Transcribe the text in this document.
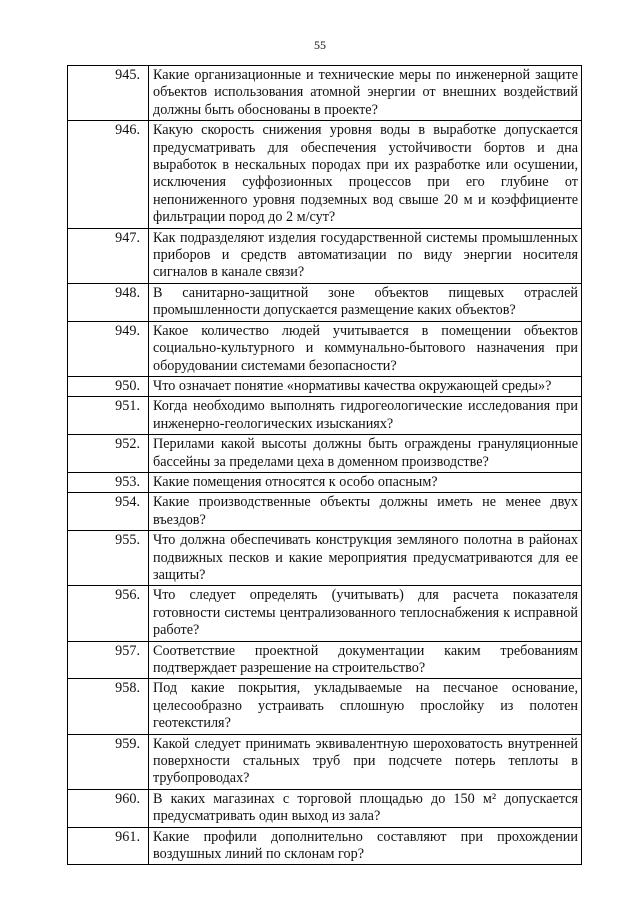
55
945.	Какие организационные и технические меры по инженерной защите объектов использования атомной энергии от внешних воздействий должны быть обоснованы в проекте?
946.	Какую скорость снижения уровня воды в выработке допускается предусматривать для обеспечения устойчивости бортов и дна выработок в нескальных породах при их разработке или осушении, исключения суффозионных процессов при его глубине от непониженного уровня подземных вод свыше 20 м и коэффициенте фильтрации пород до 2 м/сут?
947.	Как подразделяют изделия государственной системы промышленных приборов и средств автоматизации по виду энергии носителя сигналов в канале связи?
948.	В санитарно-защитной зоне объектов пищевых отраслей промышленности допускается размещение каких объектов?
949.	Какое количество людей учитывается в помещении объектов социально-культурного и коммунально-бытового назначения при оборудовании системами безопасности?
950.	Что означает понятие «нормативы качества окружающей среды»?
951.	Когда необходимо выполнять гидрогеологические исследования при инженерно-геологических изысканиях?
952.	Перилами какой высоты должны быть ограждены грануляционные бассейны за пределами цеха в доменном производстве?
953.	Какие помещения относятся к особо опасным?
954.	Какие производственные объекты должны иметь не менее двух въездов?
955.	Что должна обеспечивать конструкция земляного полотна в районах подвижных песков и какие мероприятия предусматриваются для ее защиты?
956.	Что следует определять (учитывать) для расчета показателя готовности системы централизованного теплоснабжения к исправной работе?
957.	Соответствие проектной документации каким требованиям подтверждает разрешение на строительство?
958.	Под какие покрытия, укладываемые на песчаное основание, целесообразно устраивать сплошную прослойку из полотен геотекстиля?
959.	Какой следует принимать эквивалентную шероховатость внутренней поверхности стальных труб при подсчете потерь теплоты в трубопроводах?
960.	В каких магазинах с торговой площадью до 150 м² допускается предусматривать один выход из зала?
961.	Какие профили дополнительно составляют при прохождении воздушных линий по склонам гор?
